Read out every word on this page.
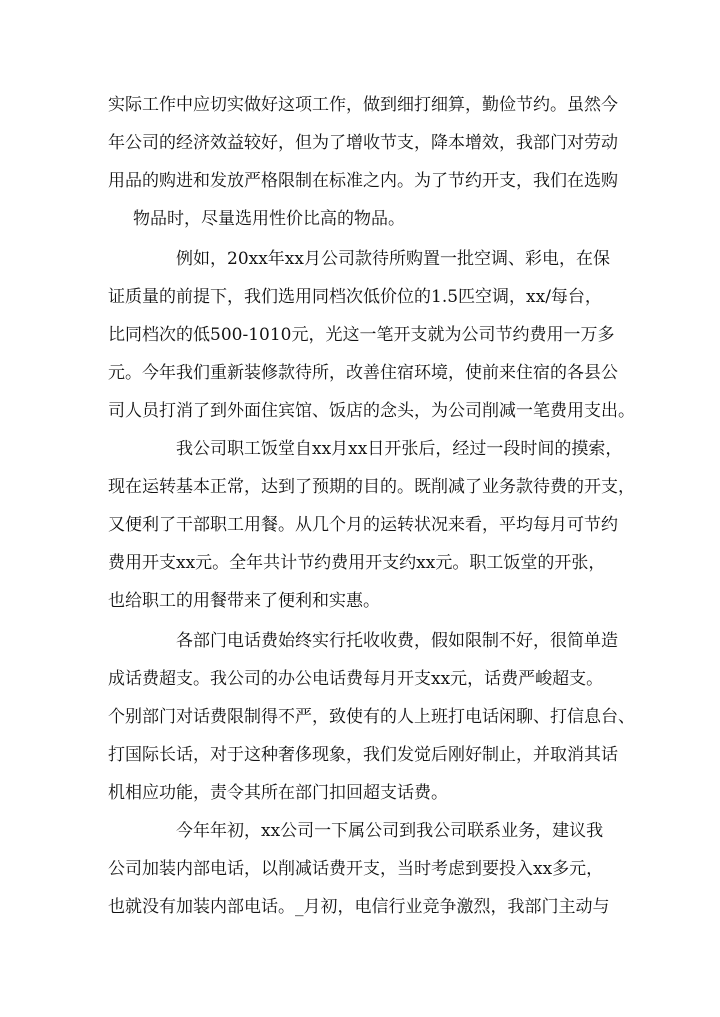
实际工作中应切实做好这项工作，做到细打细算，勤俭节约。虽然今
年公司的经济效益较好，但为了增收节支，降本增效，我部门对劳动
用品的购进和发放严格限制在标准之内。为了节约开支，我们在选购
物品时，尽量选用性价比高的物品。
例如，20xx年xx月公司款待所购置一批空调、彩电，在保
证质量的前提下，我们选用同档次低价位的1.5匹空调，xx/每台，
比同档次的低500-1010元，光这一笔开支就为公司节约费用一万多
元。今年我们重新装修款待所，改善住宿环境，使前来住宿的各县公
司人员打消了到外面住宾馆、饭店的念头，为公司削减一笔费用支出。
我公司职工饭堂自xx月xx日开张后，经过一段时间的摸索，
现在运转基本正常，达到了预期的目的。既削减了业务款待费的开支，
又便利了干部职工用餐。从几个月的运转状况来看，平均每月可节约
费用开支xx元。全年共计节约费用开支约xx元。职工饭堂的开张，
也给职工的用餐带来了便利和实惠。
各部门电话费始终实行托收收费，假如限制不好，很简单造
成话费超支。我公司的办公电话费每月开支xx元，话费严峻超支。
个别部门对话费限制得不严，致使有的人上班打电话闲聊、打信息台、
打国际长话，对于这种奢侈现象，我们发觉后刚好制止，并取消其话
机相应功能，责令其所在部门扣回超支话费。
今年年初，xx公司一下属公司到我公司联系业务，建议我
公司加装内部电话，以削减话费开支，当时考虑到要投入xx多元，
也就没有加装内部电话。_月初，电信行业竞争激烈，我部门主动与
